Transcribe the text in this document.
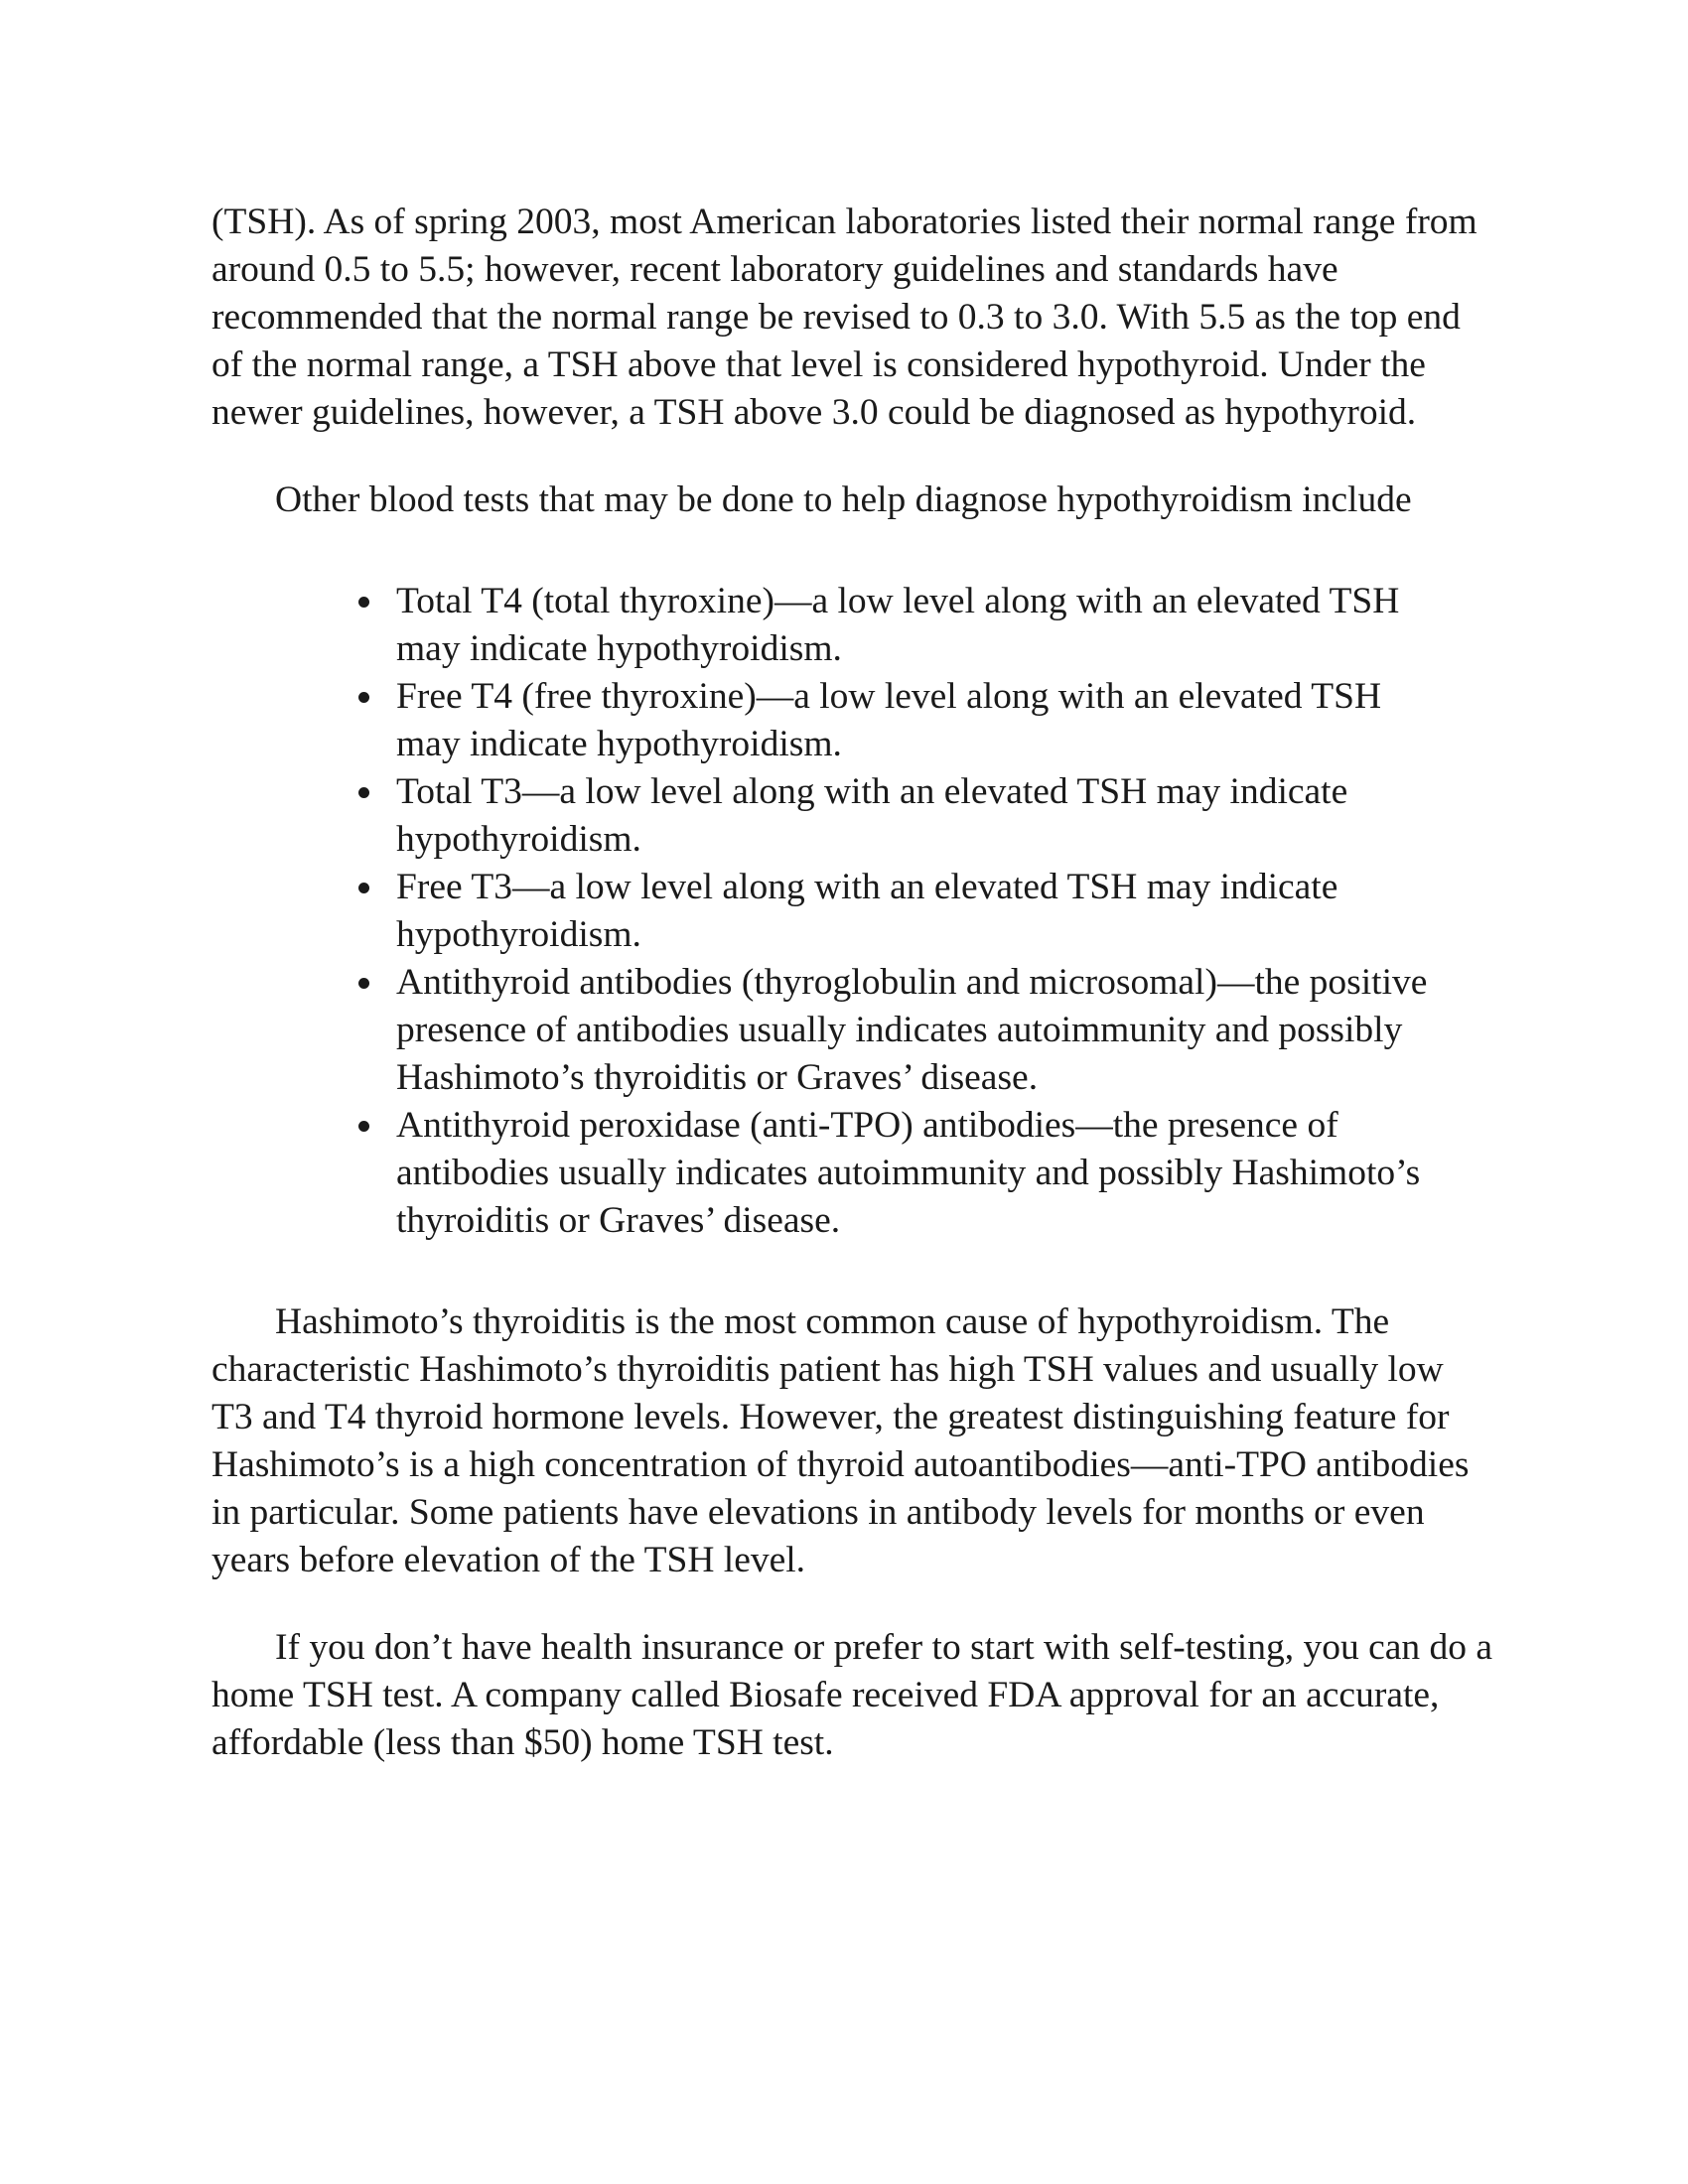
(TSH). As of spring 2003, most American laboratories listed their normal range from around 0.5 to 5.5; however, recent laboratory guidelines and standards have recommended that the normal range be revised to 0.3 to 3.0. With 5.5 as the top end of the normal range, a TSH above that level is considered hypothyroid. Under the newer guidelines, however, a TSH above 3.0 could be diagnosed as hypothyroid.

Other blood tests that may be done to help diagnose hypothyroidism include

Total T4 (total thyroxine)—a low level along with an elevated TSH may indicate hypothyroidism.
Free T4 (free thyroxine)—a low level along with an elevated TSH may indicate hypothyroidism.
Total T3—a low level along with an elevated TSH may indicate hypothyroidism.
Free T3—a low level along with an elevated TSH may indicate hypothyroidism.
Antithyroid antibodies (thyroglobulin and microsomal)—the positive presence of antibodies usually indicates autoimmunity and possibly Hashimoto’s thyroiditis or Graves’ disease.
Antithyroid peroxidase (anti-TPO) antibodies—the presence of antibodies usually indicates autoimmunity and possibly Hashimoto’s thyroiditis or Graves’ disease.

Hashimoto’s thyroiditis is the most common cause of hypothyroidism. The characteristic Hashimoto’s thyroiditis patient has high TSH values and usually low T3 and T4 thyroid hormone levels. However, the greatest distinguishing feature for Hashimoto’s is a high concentration of thyroid autoantibodies—anti-TPO antibodies in particular. Some patients have elevations in antibody levels for months or even years before elevation of the TSH level.

If you don’t have health insurance or prefer to start with self-testing, you can do a home TSH test. A company called Biosafe received FDA approval for an accurate, affordable (less than $50) home TSH test.
